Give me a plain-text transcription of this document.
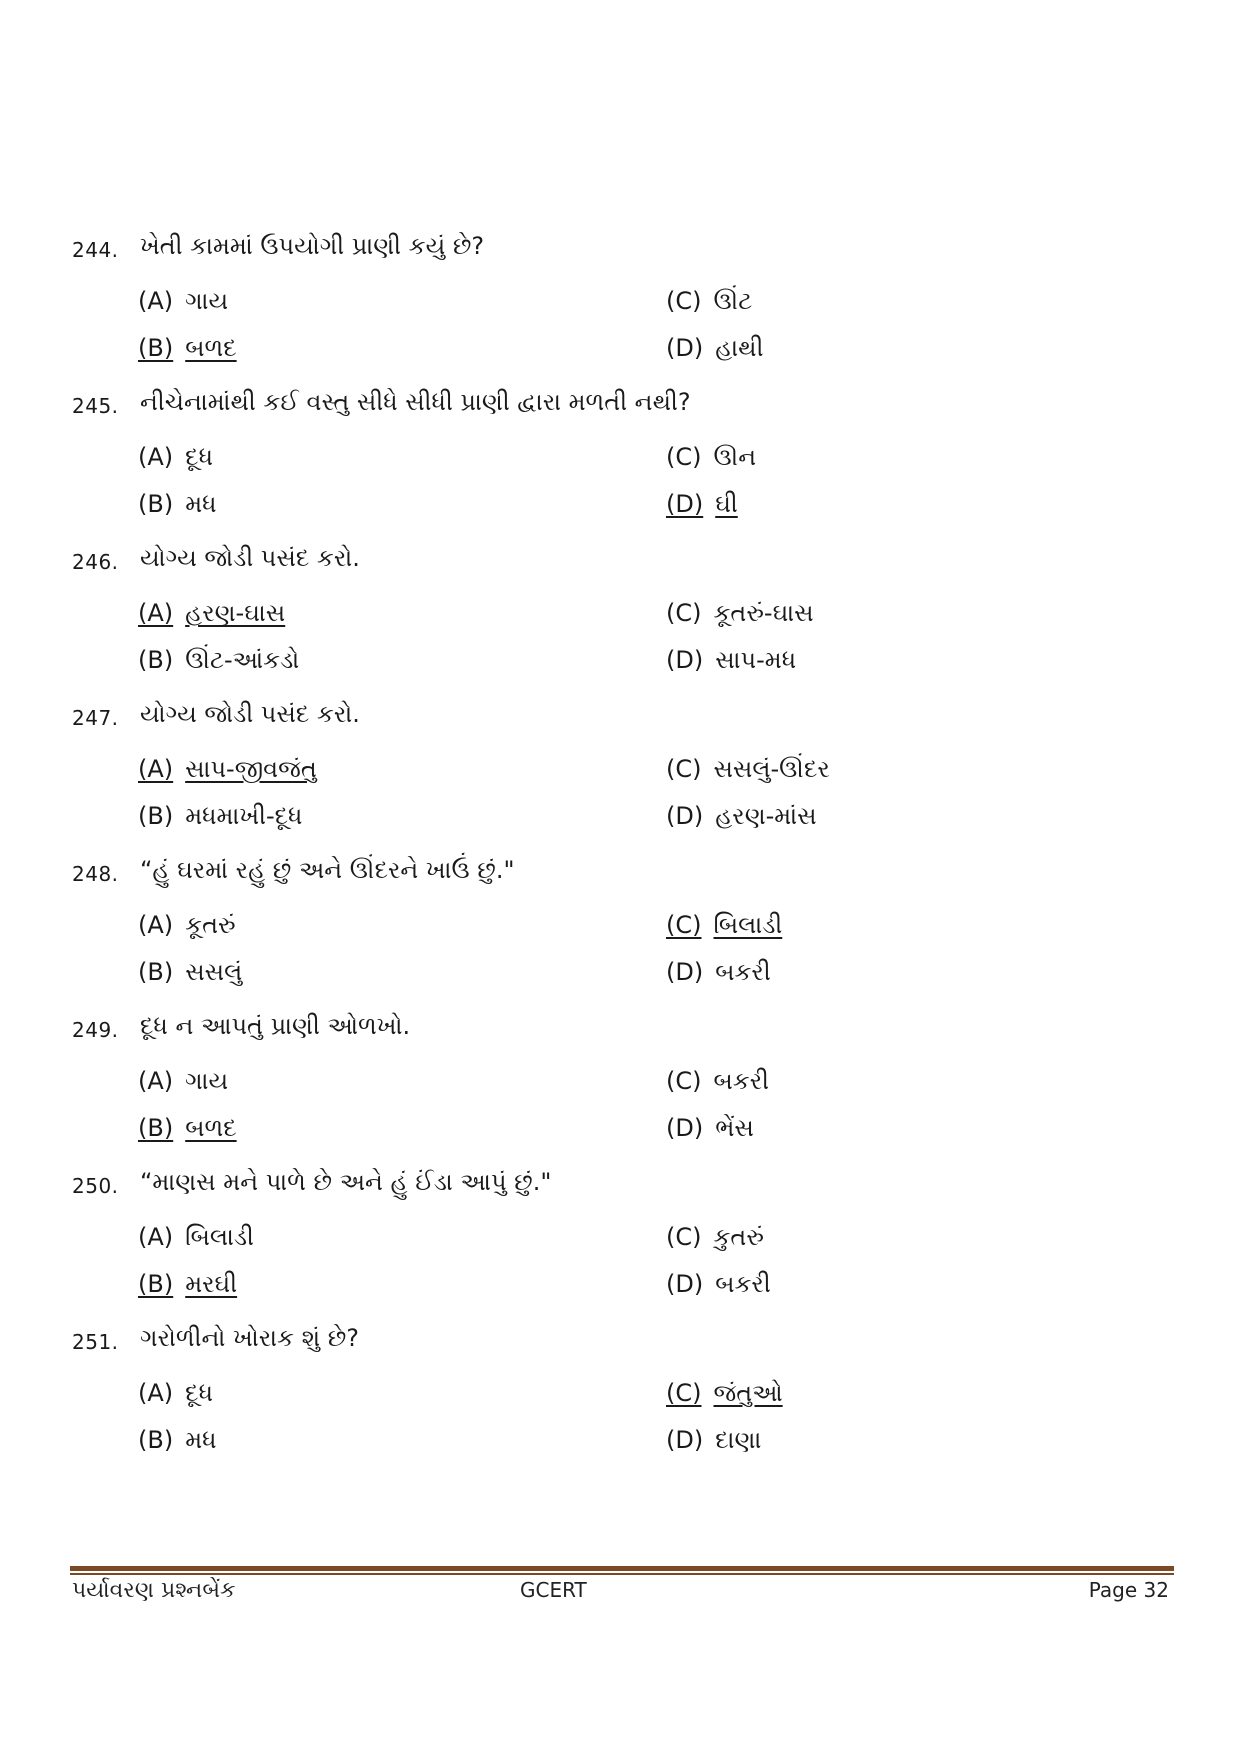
244. ખેતી કામમાં ઉપયોગી પ્રાણી કયું છે?
(A) ગાય
(B) બળદ
(C) ઊંટ
(D) હાથી
245. નીચેનામાંથી કઈ વસ્તુ સીધે સીધી પ્રાણી દ્વારા મળતી નથી?
(A) દૂધ
(B) મધ
(C) ઊન
(D) ઘી
246. યોગ્ય જોડી પસંદ કરો.
(A) હરણ-ઘાસ
(B) ઊંટ-આંકડો
(C) કૂતરું-ઘાસ
(D) સાપ-મધ
247. યોગ્ય જોડી પસંદ કરો.
(A) સાપ-જીવજંતુ
(B) મધમાખી-દૂધ
(C) સસલું-ઊંદર
(D) હરણ-માંસ
248. “હું ઘરમાં રહું છું અને ઊંદરને ખાઉં છું."
(A) કૂતરું
(B) સસલું
(C) બિલાડી
(D) બકરી
249. દૂધ ન આપતું પ્રાણી ઓળખો.
(A) ગાય
(B) બળદ
(C) બકરી
(D) ભેંસ
250. “માણસ મને પાળે છે અને હું ઈંડા આપું છું."
(A) બિલાડી
(B) મરઘી
(C) કુતરું
(D) બકરી
251. ગરોળીનો ખોરાક શું છે?
(A) દૂધ
(B) મધ
(C) જંતુઓ
(D) દાણા
પર્યાવરણ પ્રશ્નબેંક	GCERT	Page 32
